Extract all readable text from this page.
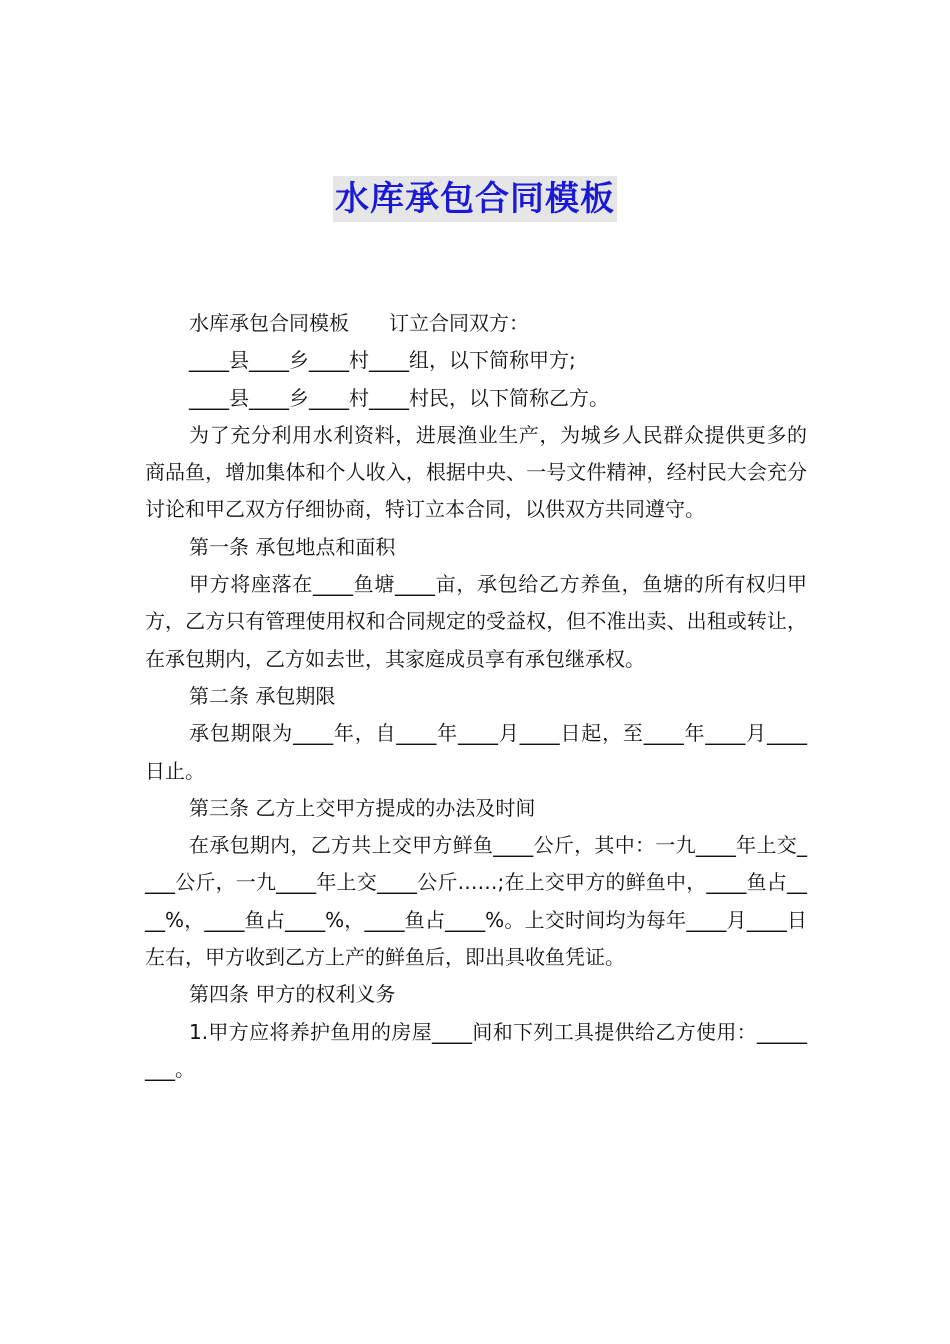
水库承包合同模板

水库承包合同模板　　订立合同双方：

____县____乡____村____组，以下简称甲方;

____县____乡____村____村民，以下简称乙方。

为了充分利用水利资料，进展渔业生产，为城乡人民群众提供更多的商品鱼，增加集体和个人收入，根据中央、一号文件精神，经村民大会充分讨论和甲乙双方仔细协商，特订立本合同，以供双方共同遵守。

第一条 承包地点和面积

甲方将座落在____鱼塘____亩，承包给乙方养鱼，鱼塘的所有权归甲方，乙方只有管理使用权和合同规定的受益权，但不准出卖、出租或转让，在承包期内，乙方如去世，其家庭成员享有承包继承权。

第二条 承包期限

承包期限为____年，自____年____月____日起，至____年____月____日止。

第三条 乙方上交甲方提成的办法及时间

在承包期内，乙方共上交甲方鲜鱼____公斤，其中：一九____年上交____公斤，一九____年上交____公斤……;在上交甲方的鲜鱼中，____鱼占____%，____鱼占____%，____鱼占____%。上交时间均为每年____月____日左右，甲方收到乙方上产的鲜鱼后，即出具收鱼凭证。

第四条 甲方的权利义务

1.甲方应将养护鱼用的房屋____间和下列工具提供给乙方使用：________。
